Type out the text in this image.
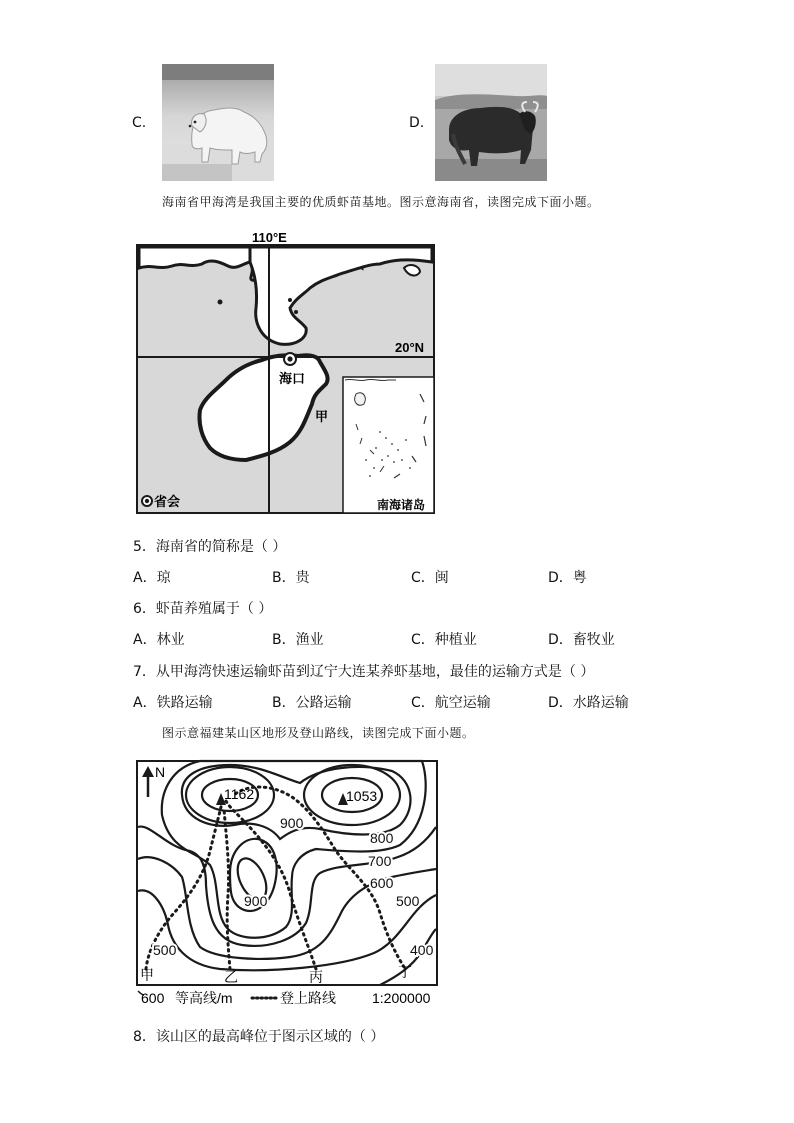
C.	D.
海南省甲海湾是我国主要的优质虾苗基地。图示意海南省，读图完成下面小题。
110°E
20°N
海口
甲
省会	南海诸岛
5．海南省的简称是（ ）
A．琼	B．贵	C．闽	D．粤
6．虾苗养殖属于（ ）
A．林业	B．渔业	C．种植业	D．畜牧业
7．从甲海湾快速运输虾苗到辽宁大连某养虾基地，最佳的运输方式是（ ）
A．铁路运输	B．公路运输	C．航空运输	D．水路运输
图示意福建某山区地形及登山路线，读图完成下面小题。
N
1162	1053
900
800
700
600
500
400
900
500
甲	乙	丙	丁
600 等高线/m	登上路线	1:200000
8．该山区的最高峰位于图示区域的（ ）
